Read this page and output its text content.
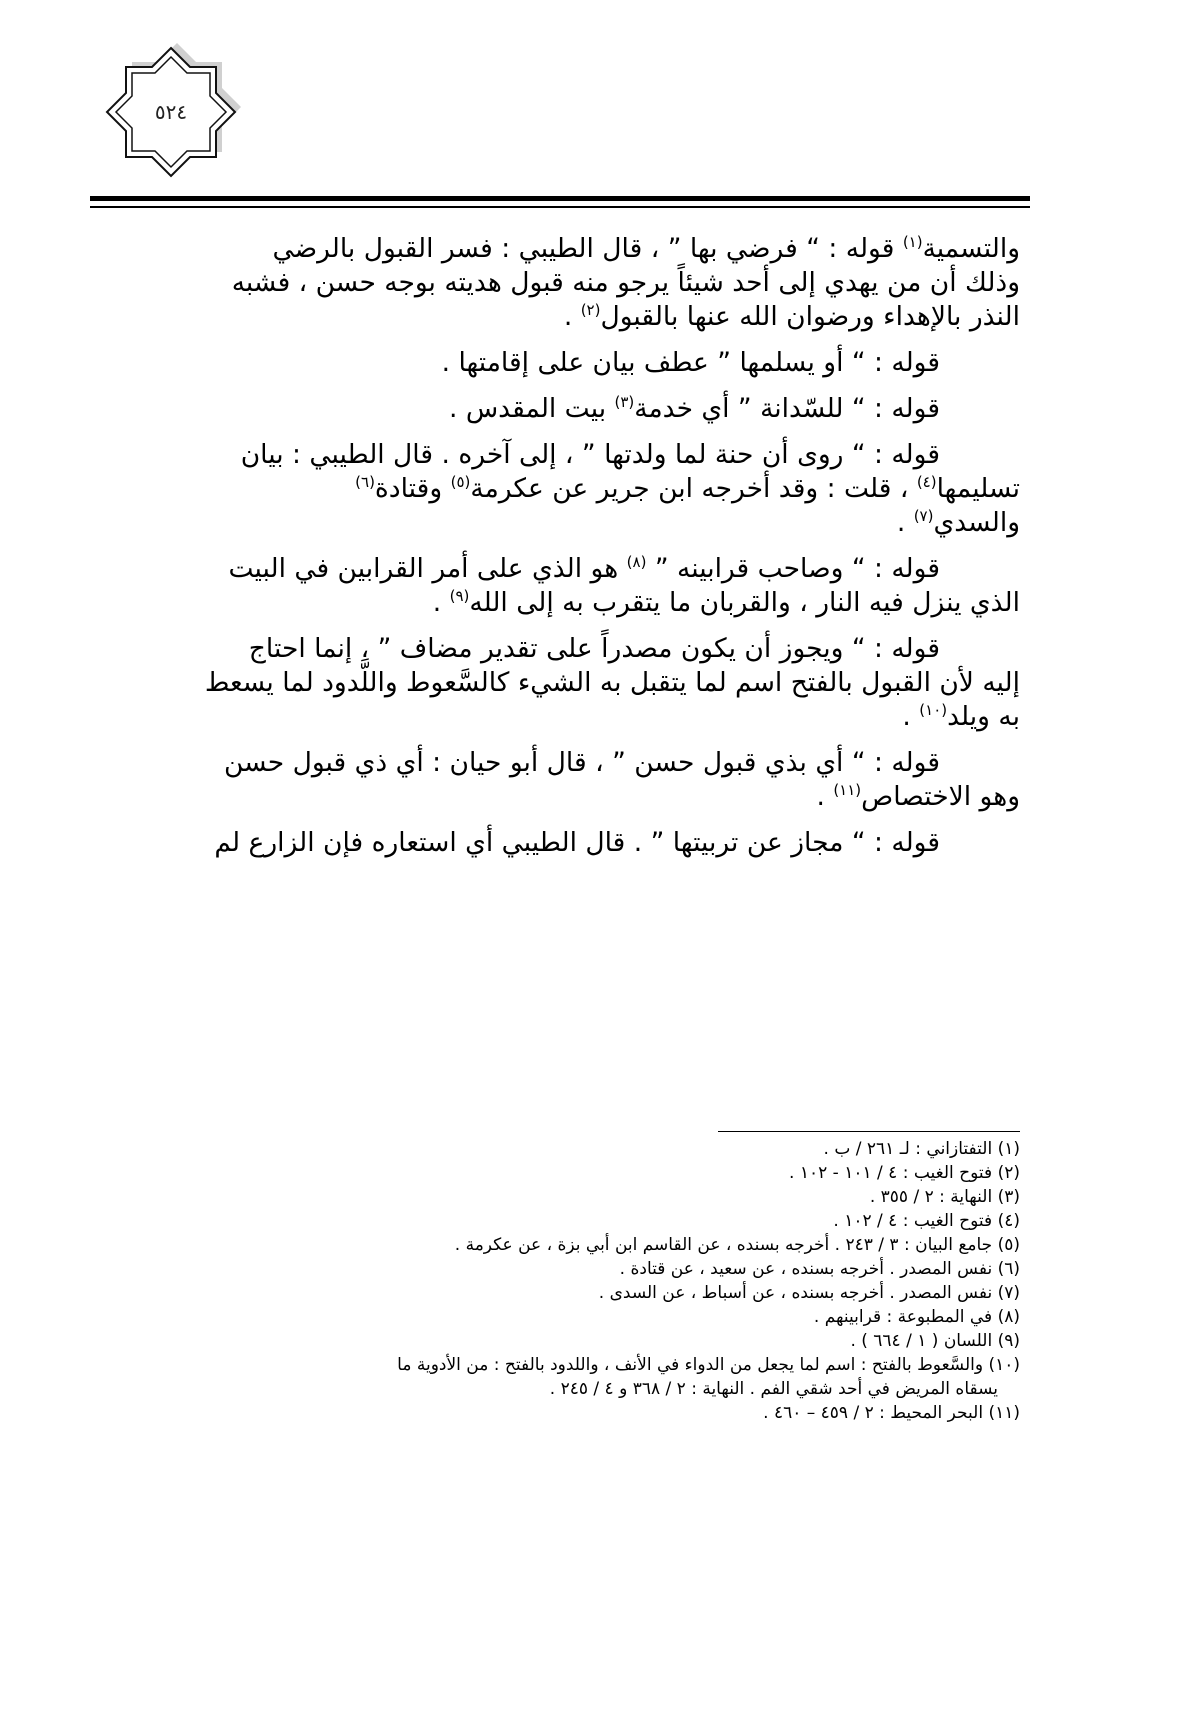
٥٢٤

والتسمية$^{(١)}$ قوله : “ فرضي بها ” ، قال الطيبي : فسر القبول بالرضي
وذلك أن من يهدي إلى أحد شيئاً يرجو منه قبول هديته بوجه حسن ، فشبه
النذر بالإهداء ورضوان الله عنها بالقبول$^{(٢)}$ .

قوله : “ أو يسلمها ” عطف بيان على إقامتها .

قوله : “ للسّدانة ” أي خدمة$^{(٣)}$ بيت المقدس .

قوله : “ روى أن حنة لما ولدتها ” ، إلى آخره . قال الطيبي : بيان
تسليمها$^{(٤)}$ ، قلت : وقد أخرجه ابن جرير عن عكرمة$^{(٥)}$ وقتادة$^{(٦)}$
والسدي$^{(٧)}$ .

قوله : “ وصاحب قرابينه ” $^{(٨)}$ هو الذي على أمر القرابين في البيت
الذي ينزل فيه النار ، والقربان ما يتقرب به إلى الله$^{(٩)}$ .

قوله : “ ويجوز أن يكون مصدراً على تقدير مضاف ” ، إنما احتاج
إليه لأن القبول بالفتح اسم لما يتقبل به الشيء كالسَّعوط واللَّدود لما يسعط
به ويلد$^{(١٠)}$ .

قوله : “ أي بذي قبول حسن ” ، قال أبو حيان : أي ذي قبول حسن
وهو الاختصاص$^{(١١)}$ .

قوله : “ مجاز عن تربيتها ” . قال الطيبي أي استعاره فإن الزارع لم

(١) التفتازاني : لـ ٢٦١ / ب .
(٢) فتوح الغيب : ٤ / ١٠١ - ١٠٢ .
(٣) النهاية : ٢ / ٣٥٥ .
(٤) فتوح الغيب : ٤ / ١٠٢ .
(٥) جامع البيان : ٣ / ٢٤٣ . أخرجه بسنده ، عن القاسم ابن أبي بزة ، عن عكرمة .
(٦) نفس المصدر . أخرجه بسنده ، عن سعيد ، عن قتادة .
(٧) نفس المصدر . أخرجه بسنده ، عن أسباط ، عن السدى .
(٨) في المطبوعة : قرابينهم .
(٩) اللسان ( ١ / ٦٦٤ ) .
(١٠) والسَّعوط بالفتح : اسم لما يجعل من الدواء في الأنف ، واللدود بالفتح : من الأدوية ما
يسقاه المريض في أحد شقي الفم . النهاية : ٢ / ٣٦٨ و ٤ / ٢٤٥ .
(١١) البحر المحيط : ٢ / ٤٥٩ – ٤٦٠ .
